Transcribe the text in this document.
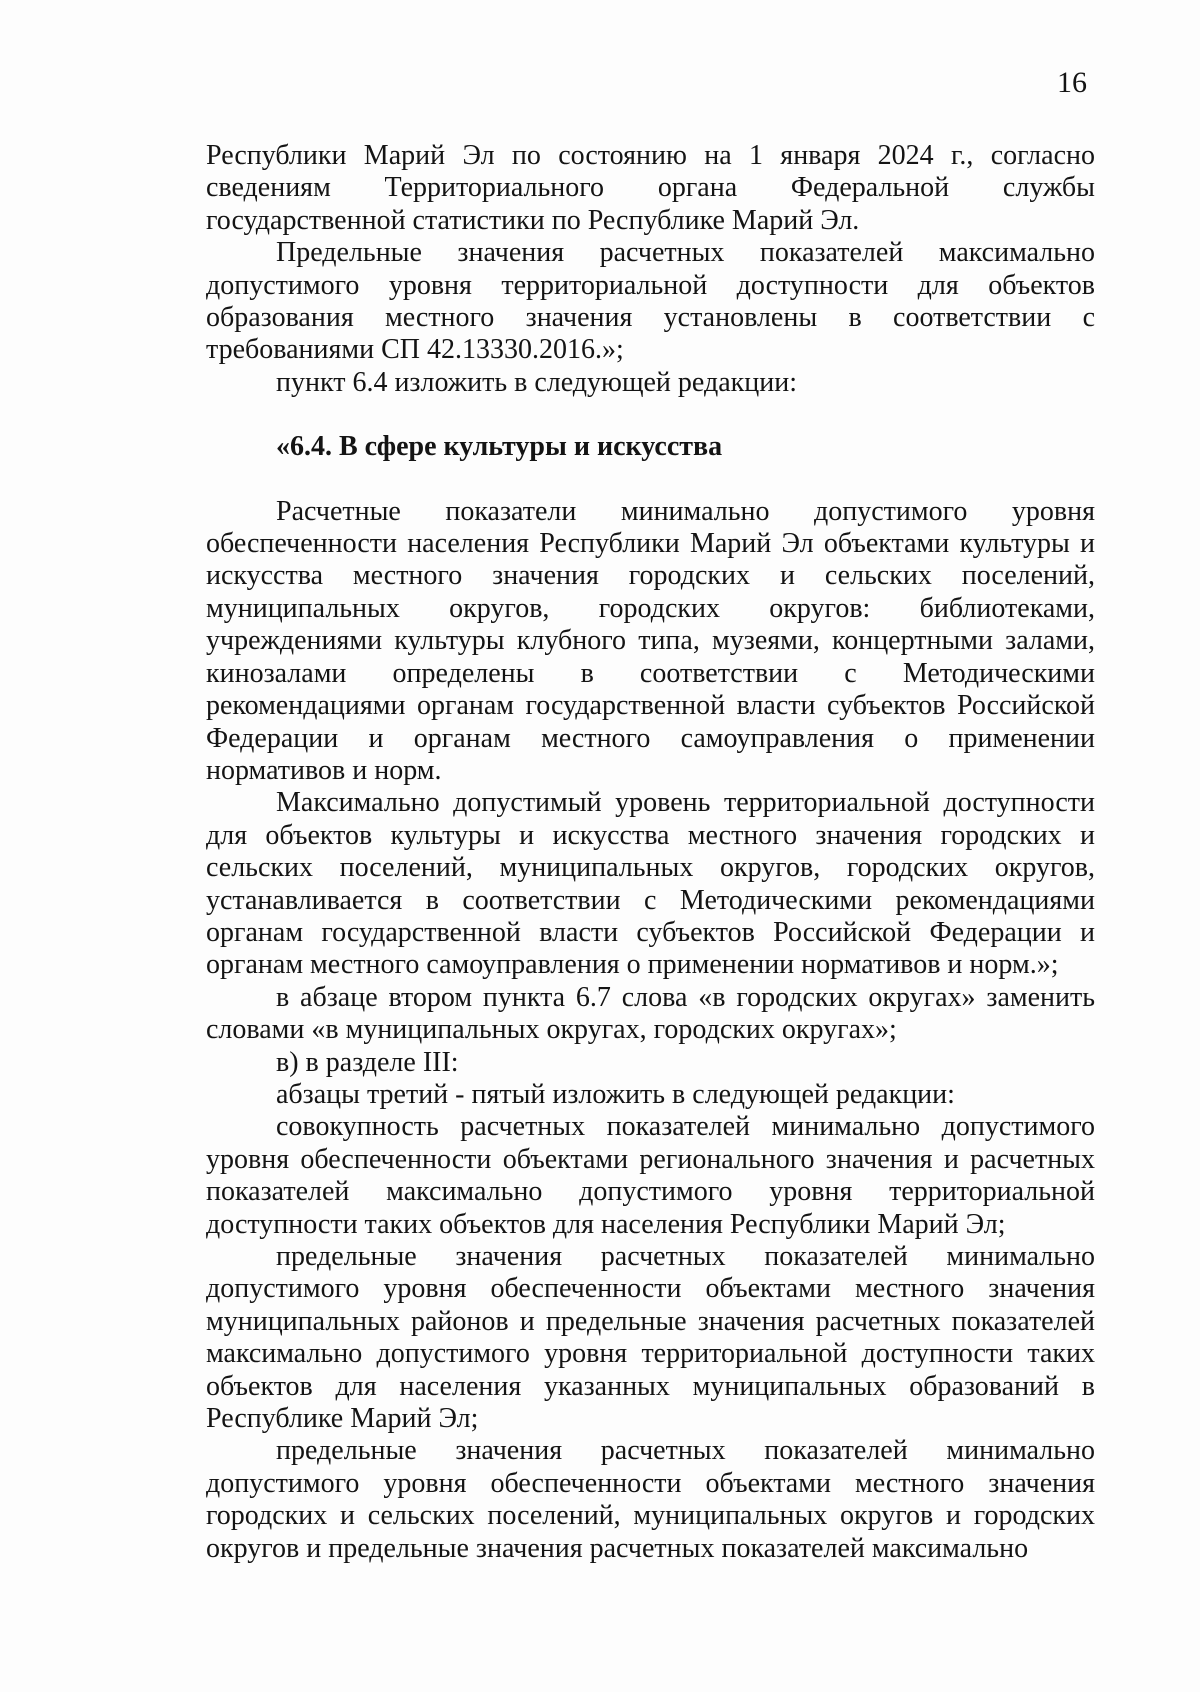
16

Республики Марий Эл по состоянию на 1 января 2024 г., согласно сведениям Территориального органа Федеральной службы государственной статистики по Республике Марий Эл.

Предельные значения расчетных показателей максимально допустимого уровня территориальной доступности для объектов образования местного значения установлены в соответствии с требованиями СП 42.13330.2016.»;

пункт 6.4 изложить в следующей редакции:

«6.4. В сфере культуры и искусства

Расчетные показатели минимально допустимого уровня обеспеченности населения Республики Марий Эл объектами культуры и искусства местного значения городских и сельских поселений, муниципальных округов, городских округов: библиотеками, учреждениями культуры клубного типа, музеями, концертными залами, кинозалами определены в соответствии с Методическими рекомендациями органам государственной власти субъектов Российской Федерации и органам местного самоуправления о применении нормативов и норм.

Максимально допустимый уровень территориальной доступности для объектов культуры и искусства местного значения городских и сельских поселений, муниципальных округов, городских округов, устанавливается в соответствии с Методическими рекомендациями органам государственной власти субъектов Российской Федерации и органам местного самоуправления о применении нормативов и норм.»;

в абзаце втором пункта 6.7 слова «в городских округах» заменить словами «в муниципальных округах, городских округах»;

в) в разделе III:

абзацы третий - пятый изложить в следующей редакции:

совокупность расчетных показателей минимально допустимого уровня обеспеченности объектами регионального значения и расчетных показателей максимально допустимого уровня территориальной доступности таких объектов для населения Республики Марий Эл;

предельные значения расчетных показателей минимально допустимого уровня обеспеченности объектами местного значения муниципальных районов и предельные значения расчетных показателей максимально допустимого уровня территориальной доступности таких объектов для населения указанных муниципальных образований в Республике Марий Эл;

предельные значения расчетных показателей минимально допустимого уровня обеспеченности объектами местного значения городских и сельских поселений, муниципальных округов и городских округов и предельные значения расчетных показателей максимально
